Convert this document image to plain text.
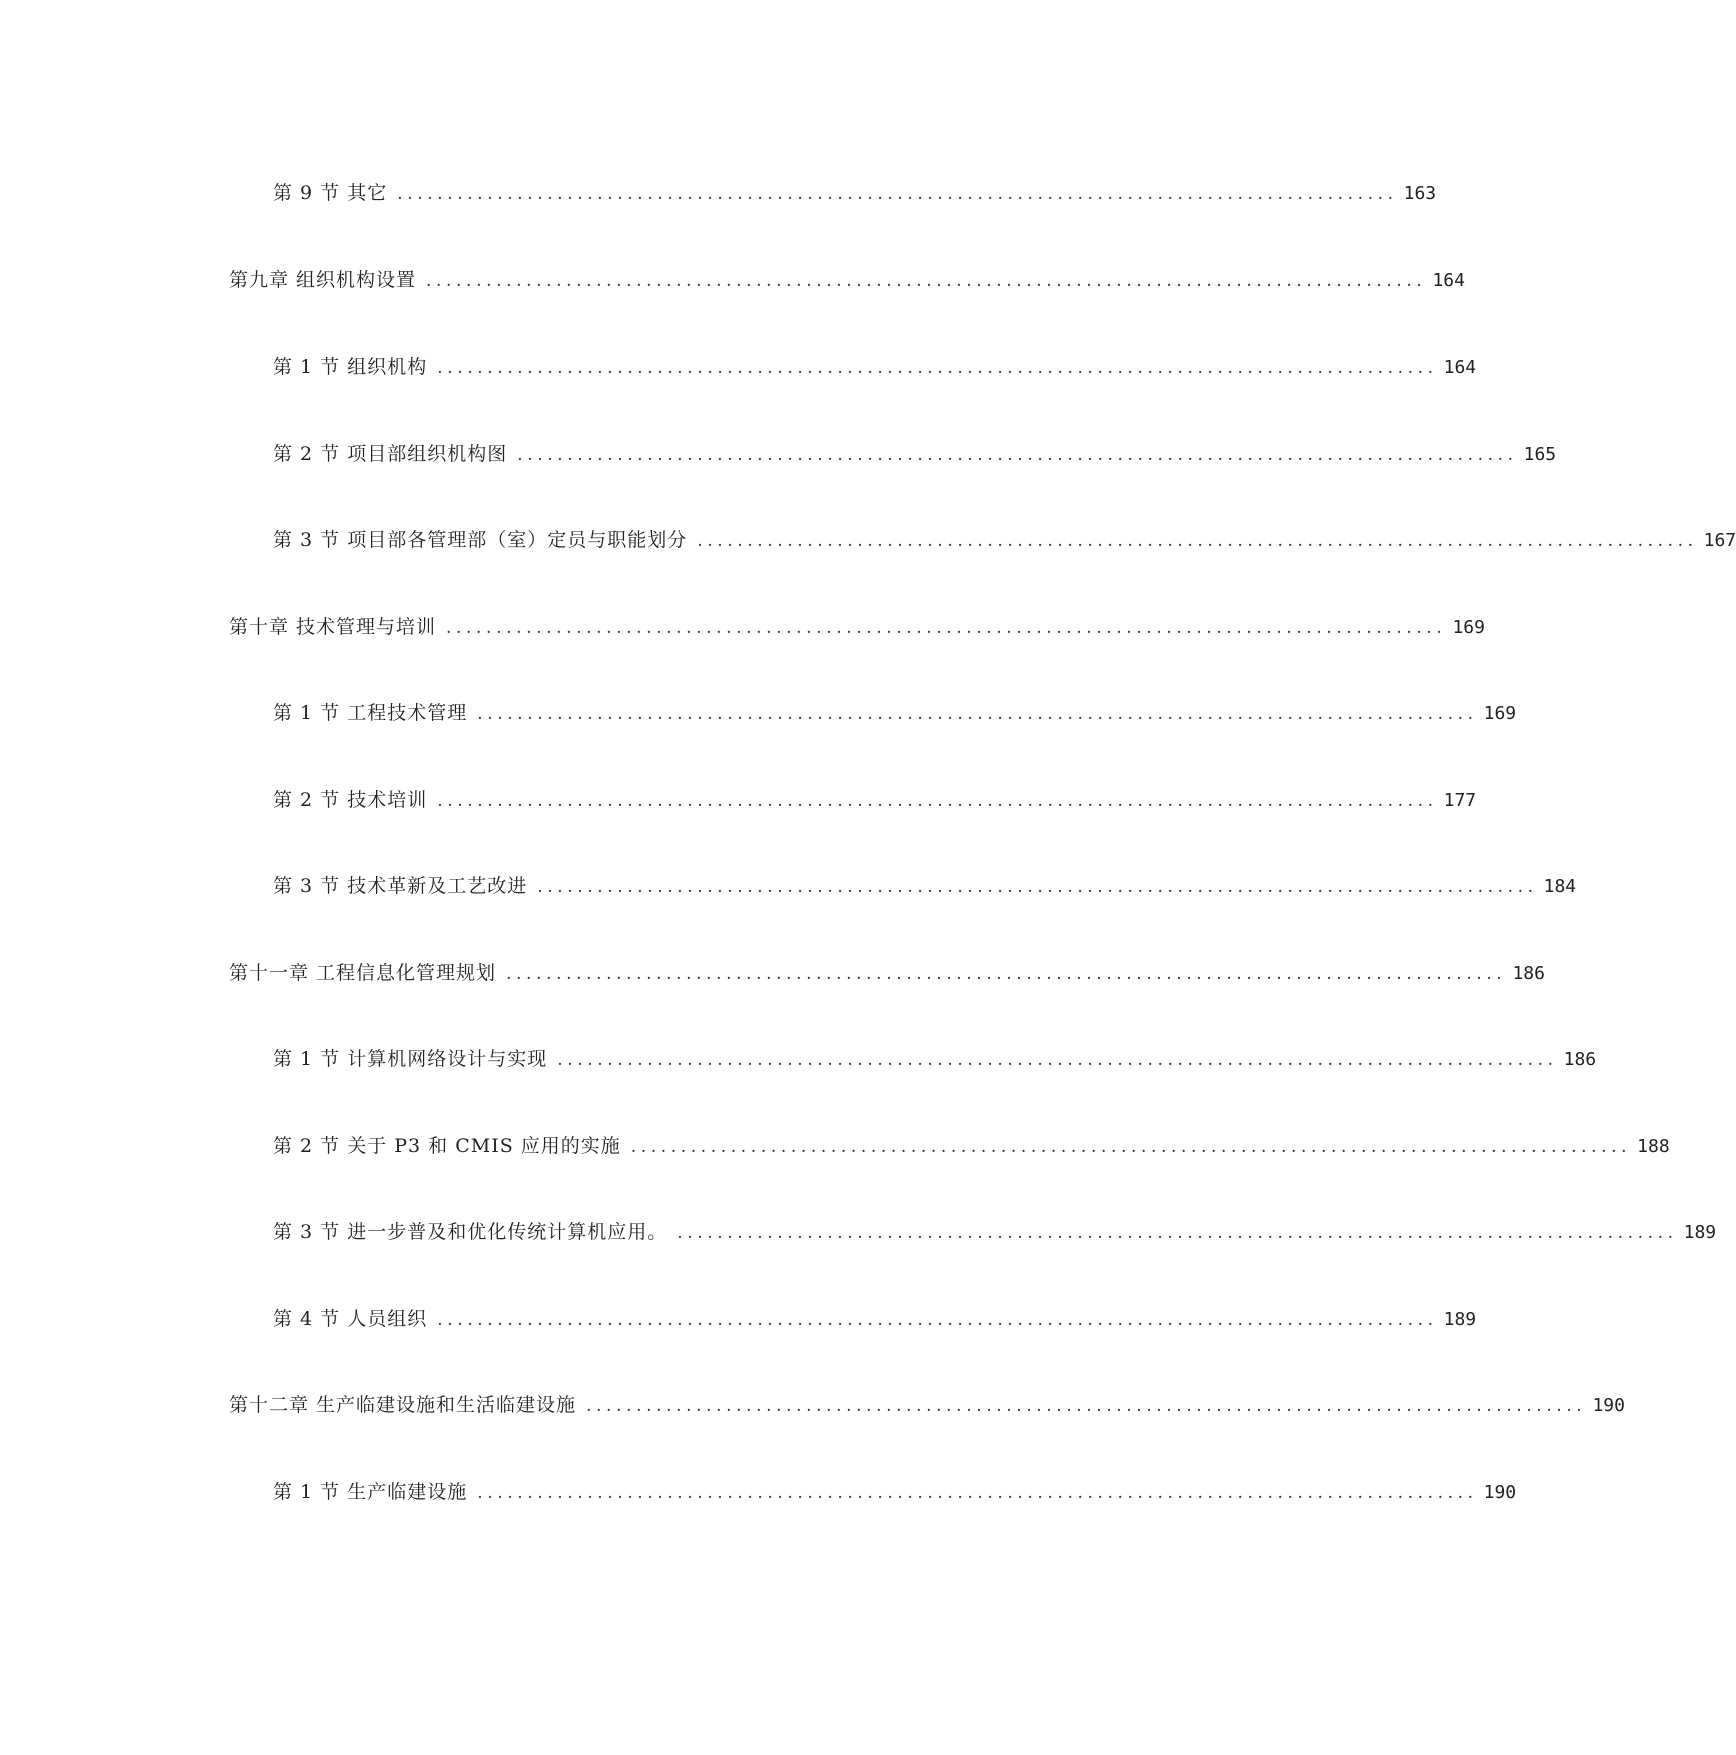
第 9 节 其它 .................................................................................................... 163
第九章 组织机构设置 .................................................................................................... 164
第 1 节 组织机构 .................................................................................................... 164
第 2 节 项目部组织机构图 .................................................................................................... 165
第 3 节 项目部各管理部（室）定员与职能划分 .................................................................................................... 167
第十章 技术管理与培训 .................................................................................................... 169
第 1 节 工程技术管理 .................................................................................................... 169
第 2 节 技术培训 .................................................................................................... 177
第 3 节 技术革新及工艺改进 .................................................................................................... 184
第十一章 工程信息化管理规划 .................................................................................................... 186
第 1 节 计算机网络设计与实现 .................................................................................................... 186
第 2 节 关于 P3 和 CMIS 应用的实施 .................................................................................................... 188
第 3 节 进一步普及和优化传统计算机应用。 .................................................................................................... 189
第 4 节 人员组织 .................................................................................................... 189
第十二章 生产临建设施和生活临建设施 .................................................................................................... 190
第 1 节 生产临建设施 .................................................................................................... 190
